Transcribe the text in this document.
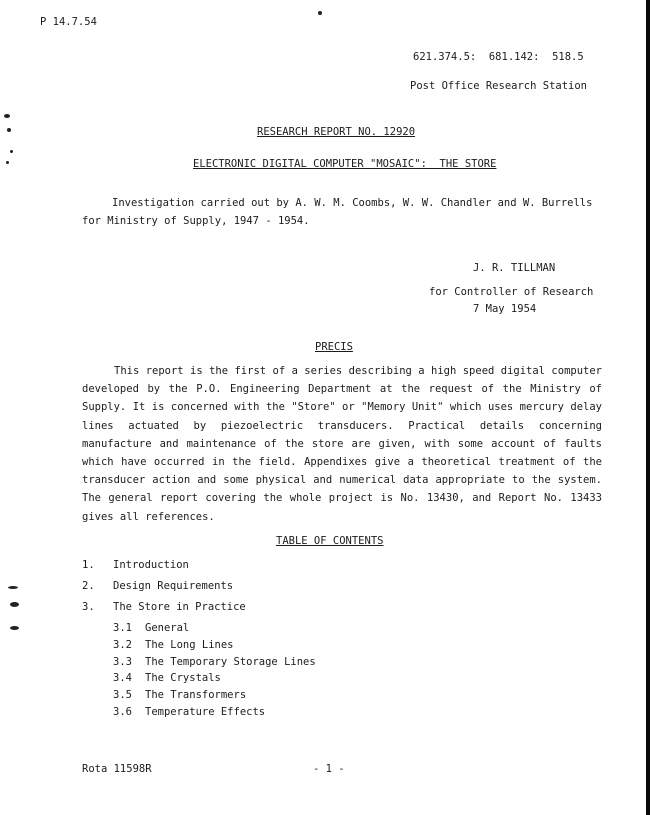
P 14.7.54
621.374.5:  681.142:  518.5
Post Office Research Station
RESEARCH REPORT NO. 12920
ELECTRONIC DIGITAL COMPUTER "MOSAIC":  THE STORE
Investigation carried out by A. W. M. Coombs, W. W. Chandler and W. Burrells
for Ministry of Supply, 1947 - 1954.
J. R. TILLMAN
for Controller of Research
7 May 1954
PRECIS

This report is the first of a series describing a high speed digital computer developed by the P.O. Engineering Department at the request of the Ministry of Supply. It is concerned with the "Store" or "Memory Unit" which uses mercury delay lines actuated by piezoelectric transducers. Practical details concerning manufacture and maintenance of the store are given, with some account of faults which have occurred in the field. Appendixes give a theoretical treatment of the transducer action and some physical and numerical data appropriate to the system. The general report covering the whole project is No. 13430, and Report No. 13433 gives all references.

TABLE OF CONTENTS
1. Introduction
2. Design Requirements
3. The Store in Practice
3.1 General
3.2 The Long Lines
3.3 The Temporary Storage Lines
3.4 The Crystals
3.5 The Transformers
3.6 Temperature Effects
Rota 11598R	- 1 -
